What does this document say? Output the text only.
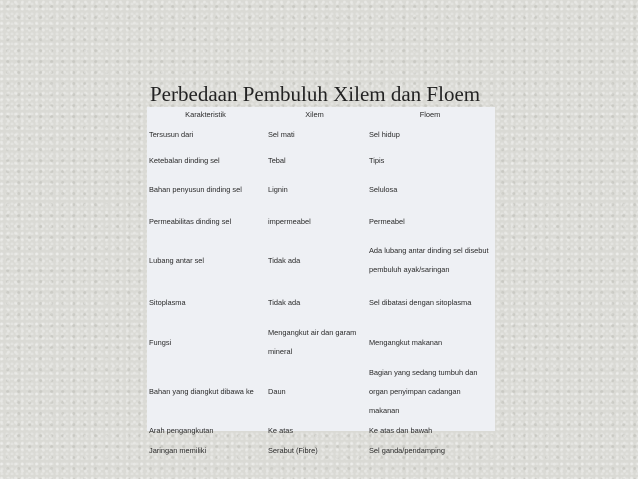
Perbedaan Pembuluh Xilem dan Floem
Karakteristik	Xilem	Floem
Tersusun dari	Sel mati	Sel hidup
Ketebalan dinding sel	Tebal	Tipis
Bahan penyusun dinding sel	Lignin	Selulosa
Permeabilitas dinding sel	impermeabel	Permeabel
Lubang antar sel	Tidak ada	Ada lubang antar dinding sel disebut pembuluh ayak/saringan
Sitoplasma	Tidak ada	Sel dibatasi dengan sitoplasma
Fungsi	Mengangkut air dan garam mineral	Mengangkut makanan
Bahan yang diangkut dibawa ke	Daun	Bagian yang sedang tumbuh dan organ penyimpan cadangan makanan
Arah pengangkutan	Ke atas	Ke atas dan bawah
Jaringan memiliki	Serabut (Fibre)	Sel ganda/pendamping
